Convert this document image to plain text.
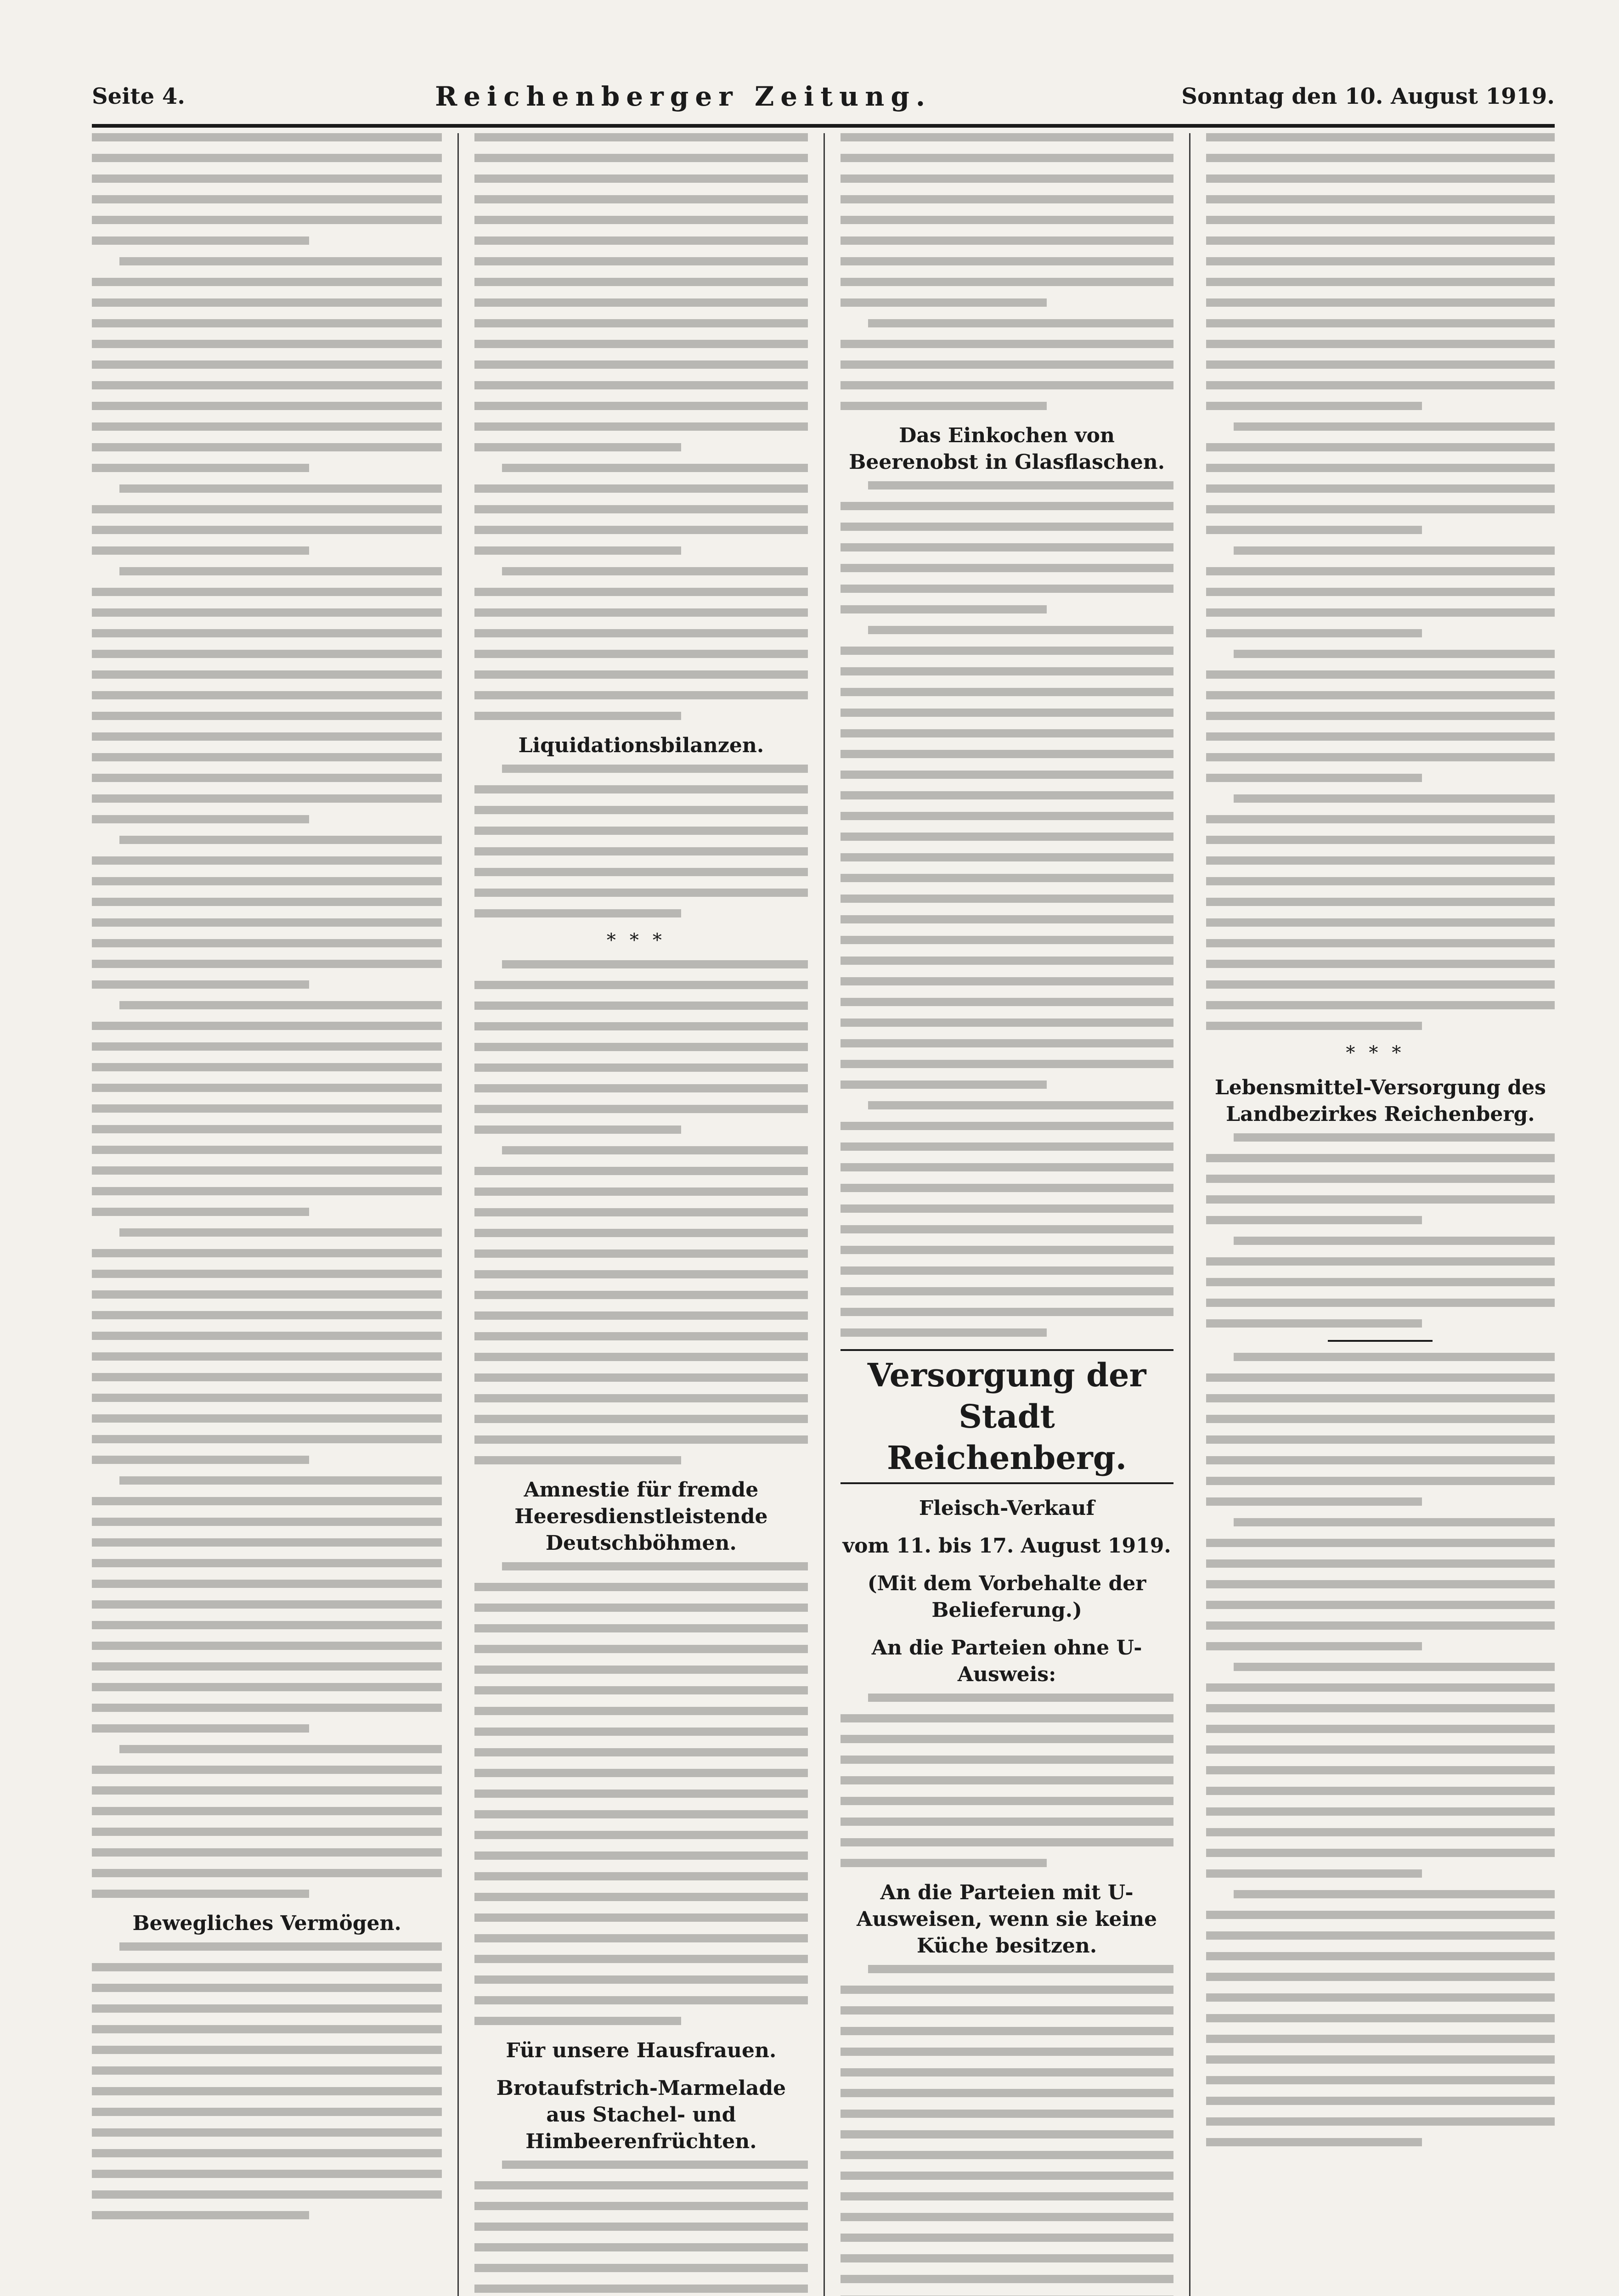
Seite 4.	Reichenberger Zeitung.	Sonntag den 10. August 1919.
Bewegliches Vermögen.
Liquidationsbilanzen.
***
Amnestie für fremde Heeresdienstleistende Deutschböhmen.
Für unsere Hausfrauen.
Brotaufstrich-Marmelade aus Stachel- und Himbeerenfrüchten.
Das Einkochen von Beerenobst in Glasflaschen.
Versorgung der Stadt Reichenberg.
Fleisch-Verkauf
vom 11. bis 17. August 1919.
(Mit dem Vorbehalte der Belieferung.)
An die Parteien ohne U-Ausweis:
An die Parteien mit U-Ausweisen, wenn sie keine Küche besitzen.
***
Lebensmittel-Versorgung des Landbezirkes Reichenberg.
